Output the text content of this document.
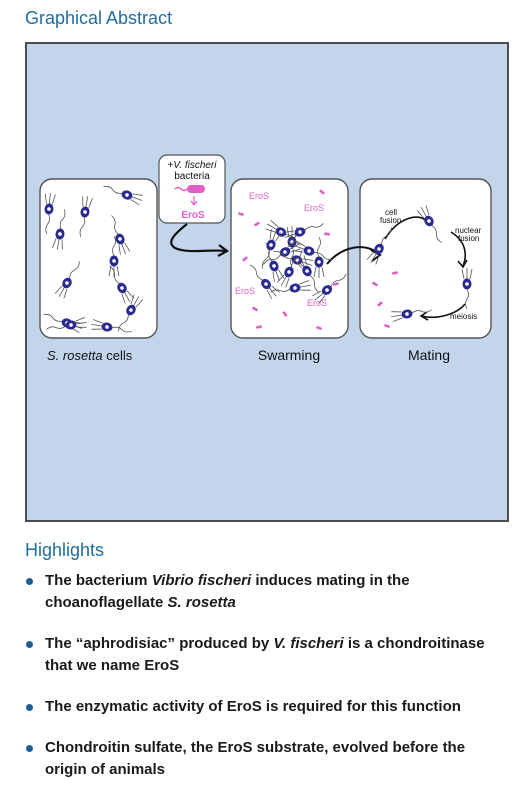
Graphical Abstract
+V. fischeri
bacteria
EroS	cell
fusion
nuclear
fusion
meiosis
EroS
EroS
EroS
EroS
S. rosetta cells	Swarming	Mating
Highlights
The bacterium Vibrio fischeri induces mating in the choanoflagellate S. rosetta
The “aphrodisiac” produced by V. fischeri is a chondroitinase that we name EroS
The enzymatic activity of EroS is required for this function
Chondroitin sulfate, the EroS substrate, evolved before the origin of animals
